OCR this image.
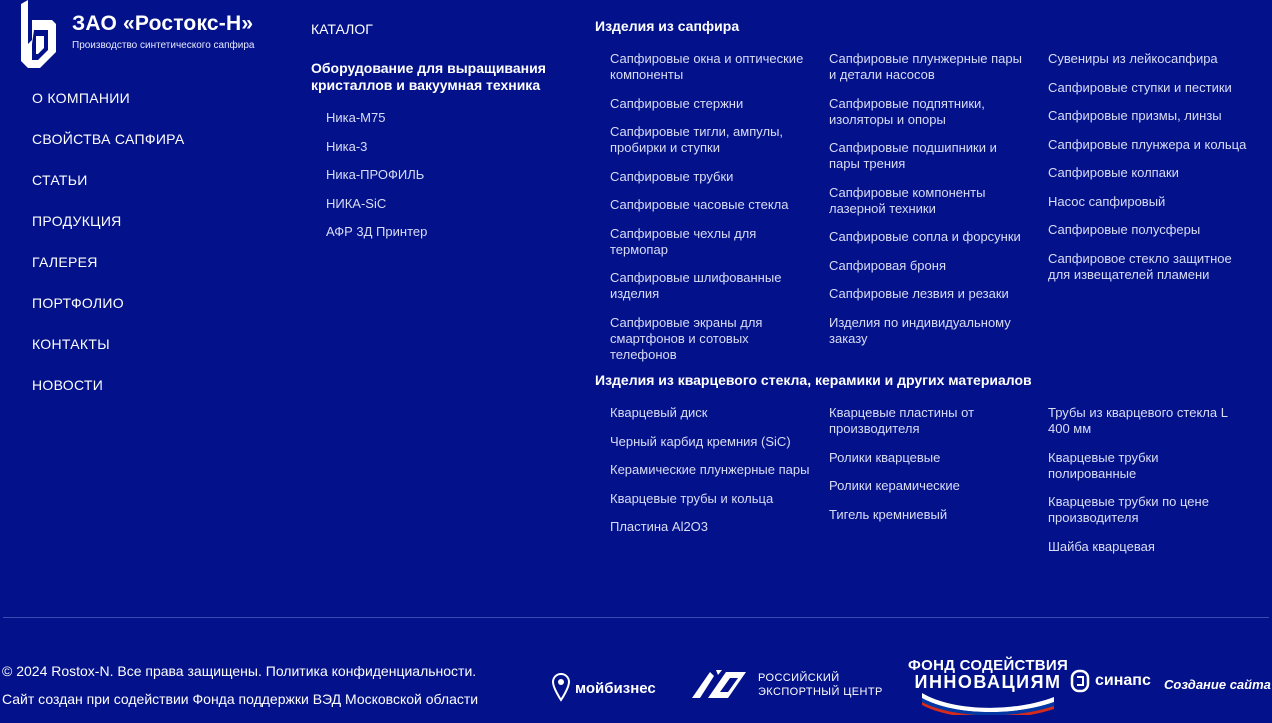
ЗАО «Ростокс-Н»
Производство синтетического сапфира
О КОМПАНИИ
СВОЙСТВА САПФИРА
СТАТЬИ
ПРОДУКЦИЯ
ГАЛЕРЕЯ
ПОРТФОЛИО
КОНТАКТЫ
НОВОСТИ
КАТАЛОГ
Оборудование для выращивания кристаллов и вакуумная техника
Ника-М75
Ника-3
Ника-ПРОФИЛЬ
НИКА-SiC
АФР 3Д Принтер
Изделия из сапфира
Сапфировые окна и оптические компоненты
Сапфировые стержни
Сапфировые тигли, ампулы, пробирки и ступки
Сапфировые трубки
Сапфировые часовые стекла
Сапфировые чехлы для термопар
Сапфировые шлифованные изделия
Сапфировые экраны для смартфонов и сотовых телефонов
Сапфировые плунжерные пары и детали насосов
Сапфировые подпятники, изоляторы и опоры
Сапфировые подшипники и пары трения
Сапфировые компоненты лазерной техники
Сапфировые сопла и форсунки
Сапфировая броня
Сапфировые лезвия и резаки
Изделия по индивидуальному заказу
Сувениры из лейкосапфира
Сапфировые ступки и пестики
Сапфировые призмы, линзы
Сапфировые плунжера и кольца
Сапфировые колпаки
Насос сапфировый
Сапфировые полусферы
Сапфировое стекло защитное для извещателей пламени
Изделия из кварцевого стекла, керамики и других материалов
Кварцевый диск
Черный карбид кремния (SiC)
Керамические плунжерные пары
Кварцевые трубы и кольца
Пластина Al2O3
Кварцевые пластины от производителя
Ролики кварцевые
Ролики керамические
Тигель кремниевый
Трубы из кварцевого стекла L 400 мм
Кварцевые трубки полированные
Кварцевые трубки по цене производителя
Шайба кварцевая
© 2024 Rostox-N. Все права защищены. Политика конфиденциальности.
Сайт создан при содействии Фонда поддержки ВЭД Московской области
мойбизнес
РОССИЙСКИЙ
ЭКСПОРТНЫЙ ЦЕНТР
ФОНД СОДЕЙСТВИЯ
ИННОВАЦИЯМ	синапс Создание сайта
